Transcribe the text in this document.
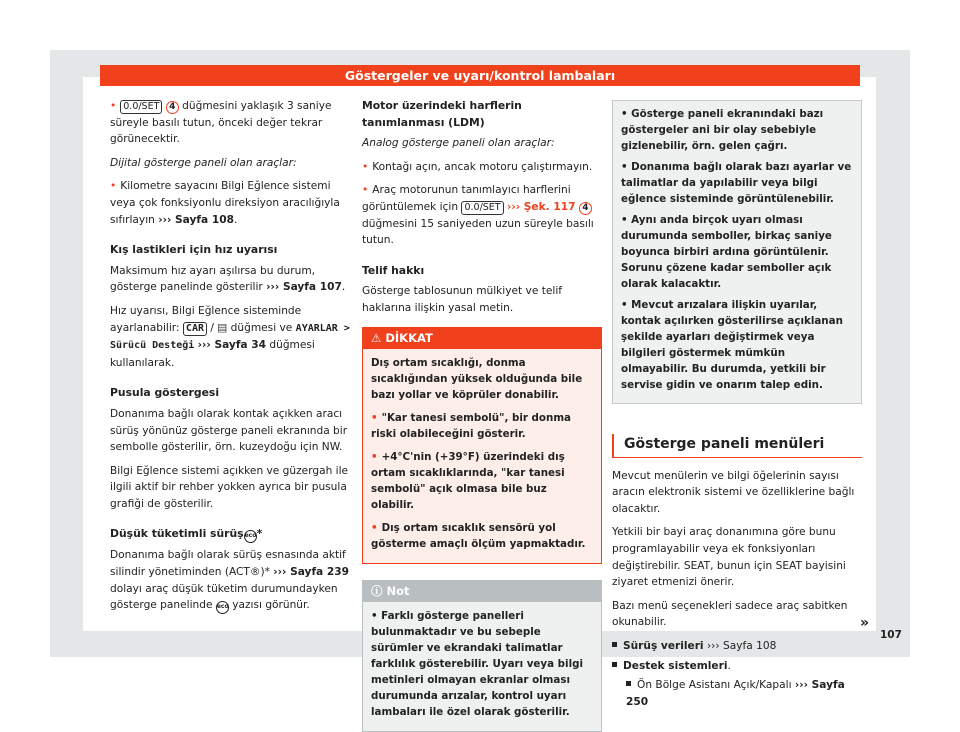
Göstergeler ve uyarı/kontrol lambaları

• 0.0/SET 4 düğmesini yaklaşık 3 saniye süreyle basılı tutun, önceki değer tekrar görünecektir.

Dijital gösterge paneli olan araçlar:

• Kilometre sayacını Bilgi Eğlence sistemi veya çok fonksiyonlu direksiyon aracılığıyla sıfırlayın ››› Sayfa 108.

Kış lastikleri için hız uyarısı

Maksimum hız ayarı aşılırsa bu durum, gösterge panelinde gösterilir ››› Sayfa 107.

Hız uyarısı, Bilgi Eğlence sisteminde ayarlanabilir: CAR / ▤ düğmesi ve AYARLAR > Sürücü Desteği ››› Sayfa 34 düğmesi kullanılarak.

Pusula göstergesi

Donanıma bağlı olarak kontak açıkken aracı sürüş yönünüz gösterge paneli ekranında bir sembolle gösterilir, örn. kuzeydoğu için NW.

Bilgi Eğlence sistemi açıkken ve güzergah ile ilgili aktif bir rehber yokken ayrıca bir pusula grafiği de gösterilir.

Düşük tüketimli sürüşeco*

Donanıma bağlı olarak sürüş esnasında aktif silindir yönetiminden (ACT®)* ››› Sayfa 239 dolayı araç düşük tüketim durumundayken gösterge panelinde eco yazısı görünür.

Motor üzerindeki harflerin tanımlanması (LDM)

Analog gösterge paneli olan araçlar:

• Kontağı açın, ancak motoru çalıştırmayın.

• Araç motorunun tanımlayıcı harflerini görüntülemek için 0.0/SET ››› Şek. 117 4 düğmesini 15 saniyeden uzun süreyle basılı tutun.

Telif hakkı

Gösterge tablosunun mülkiyet ve telif haklarına ilişkin yasal metin.

⚠ DİKKAT

Dış ortam sıcaklığı, donma sıcaklığından yüksek olduğunda bile bazı yollar ve köprüler donabilir.

• "Kar tanesi sembolü", bir donma riski olabileceğini gösterir.

• +4°C'nin (+39°F) üzerindeki dış ortam sıcaklıklarında, "kar tanesi sembolü" açık olmasa bile buz olabilir.

• Dış ortam sıcaklık sensörü yol gösterme amaçlı ölçüm yapmaktadır.

ⓘ Not

• Farklı gösterge panelleri bulunmaktadır ve bu sebeple sürümler ve ekrandaki talimatlar farklılık gösterebilir. Uyarı veya bilgi metinleri olmayan ekranlar olması durumunda arızalar, kontrol uyarı lambaları ile özel olarak gösterilir.

• Gösterge paneli ekranındaki bazı göstergeler ani bir olay sebebiyle gizlenebilir, örn. gelen çağrı.

• Donanıma bağlı olarak bazı ayarlar ve talimatlar da yapılabilir veya bilgi eğlence sisteminde görüntülenebilir.

• Aynı anda birçok uyarı olması durumunda semboller, birkaç saniye boyunca birbiri ardına görüntülenir. Sorunu çözene kadar semboller açık olarak kalacaktır.

• Mevcut arızalara ilişkin uyarılar, kontak açılırken gösterilirse açıklanan şekilde ayarları değiştirmek veya bilgileri göstermek mümkün olmayabilir. Bu durumda, yetkili bir servise gidin ve onarım talep edin.

Gösterge paneli menüleri

Mevcut menülerin ve bilgi öğelerinin sayısı aracın elektronik sistemi ve özelliklerine bağlı olacaktır.

Yetkili bir bayi araç donanımına göre bunu programlayabilir veya ek fonksiyonları değiştirebilir. SEAT, bunun için SEAT bayisini ziyaret etmenizi önerir.

Bazı menü seçenekleri sadece araç sabitken okunabilir.

Sürüş verileri ››› Sayfa 108
Destek sistemleri.
Ön Bölge Asistanı Açık/Kapalı ››› Sayfa 250
»
107
